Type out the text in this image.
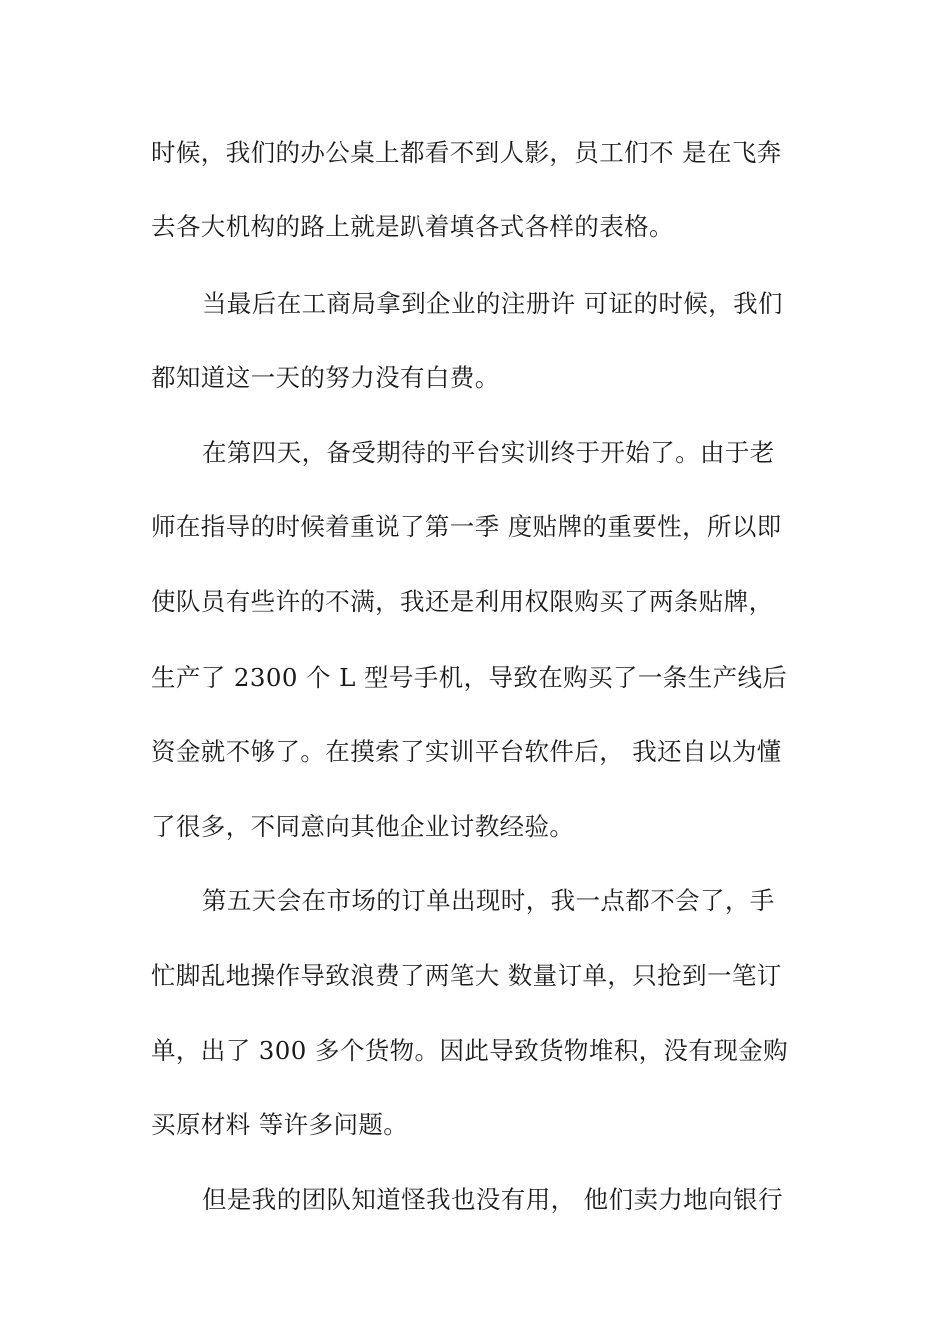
时候，我们的办公桌上都看不到人影，员工们不 是在飞奔
去各大机构的路上就是趴着填各式各样的表格。
当最后在工商局拿到企业的注册许 可证的时候，我们
都知道这一天的努力没有白费。
在第四天，备受期待的平台实训终于开始了。由于老
师在指导的时候着重说了第一季 度贴牌的重要性，所以即
使队员有些许的不满，我还是利用权限购买了两条贴牌，
生产了 2300 个 L 型号手机，导致在购买了一条生产线后
资金就不够了。在摸索了实训平台软件后， 我还自以为懂
了很多，不同意向其他企业讨教经验。
第五天会在市场的订单出现时，我一点都不会了，手
忙脚乱地操作导致浪费了两笔大 数量订单，只抢到一笔订
单，出了 300 多个货物。因此导致货物堆积，没有现金购
买原材料 等许多问题。
但是我的团队知道怪我也没有用， 他们卖力地向银行
